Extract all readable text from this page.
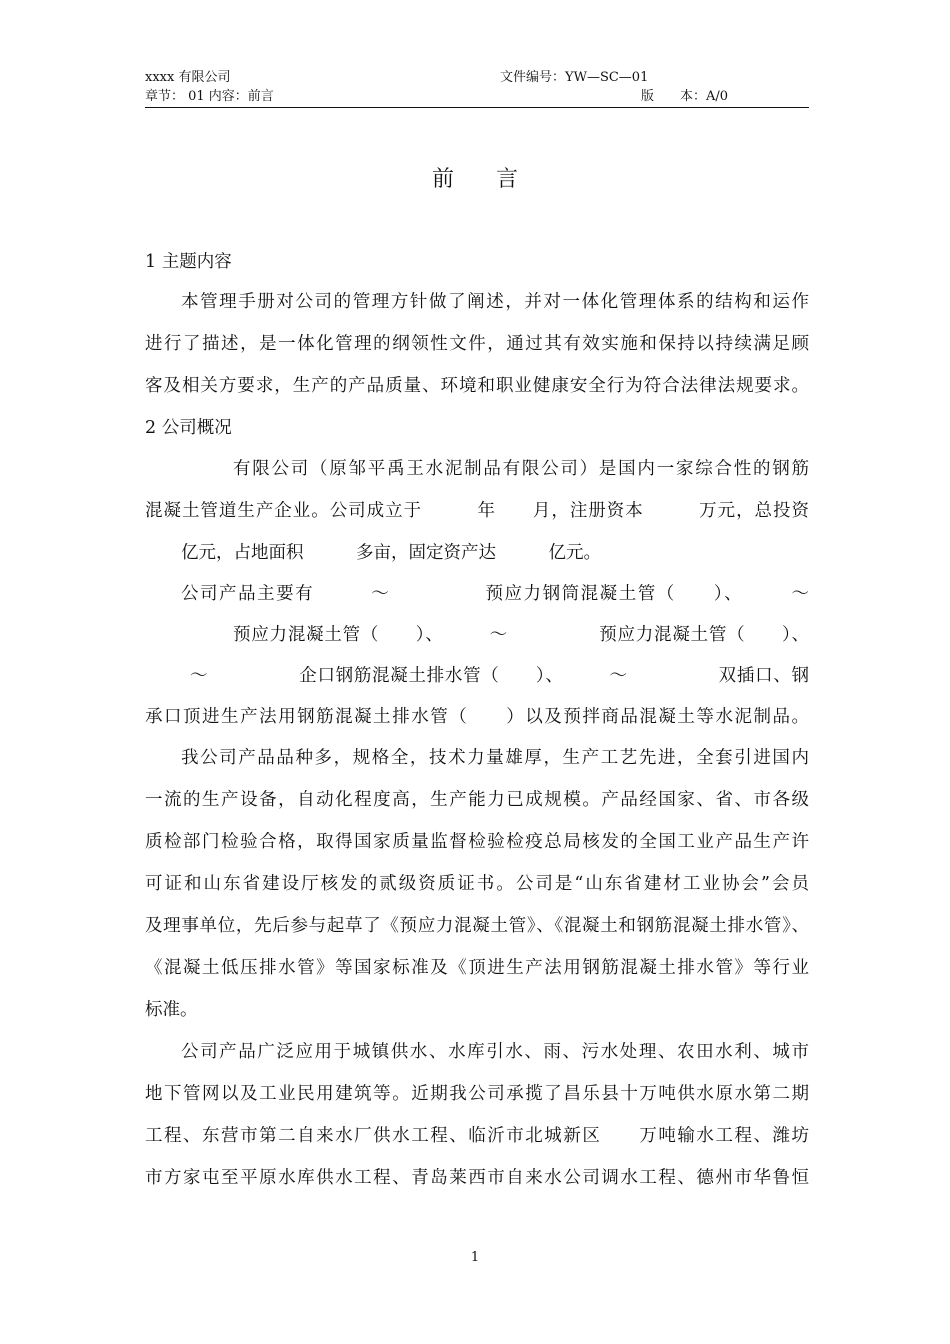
xxxx 有限公司	文件编号：YW—SC—01
章节： 01 内容：前言	版　　本：A/0
前言
1 主题内容
本管理手册对公司的管理方针做了阐述，并对一体化管理体系的结构和运作
进行了描述，是一体化管理的纲领性文件，通过其有效实施和保持以持续满足顾
客及相关方要求，生产的产品质量、环境和职业健康安全行为符合法律法规要求。
2 公司概况
有限公司（原邹平禹王水泥制品有限公司）是国内一家综合性的钢筋
混凝土管道生产企业。公司成立于　　　年　　月，注册资本　　　万元，总投资
亿元，占地面积　　　多亩，固定资产达　　　亿元。
公司产品主要有　　　～　　　　　预应力钢筒混凝土管（　　）、　　　～
预应力混凝土管（　　）、　　　～　　　　　预应力混凝土管（　　）、
～　　　　　企口钢筋混凝土排水管（　　）、　　　～　　　　　双插口、钢
承口顶进生产法用钢筋混凝土排水管（　　）以及预拌商品混凝土等水泥制品。
我公司产品品种多，规格全，技术力量雄厚，生产工艺先进，全套引进国内
一流的生产设备，自动化程度高，生产能力已成规模。产品经国家、省、市各级
质检部门检验合格，取得国家质量监督检验检疫总局核发的全国工业产品生产许
可证和山东省建设厅核发的贰级资质证书。公司是“山东省建材工业协会”会员
及理事单位，先后参与起草了《预应力混凝土管》、《混凝土和钢筋混凝土排水管》、
《混凝土低压排水管》等国家标准及《顶进生产法用钢筋混凝土排水管》等行业
标准。
公司产品广泛应用于城镇供水、水库引水、雨、污水处理、农田水利、城市
地下管网以及工业民用建筑等。近期我公司承揽了昌乐县十万吨供水原水第二期
工程、东营市第二自来水厂供水工程、临沂市北城新区　　万吨输水工程、潍坊
市方家屯至平原水库供水工程、青岛莱西市自来水公司调水工程、德州市华鲁恒
1
